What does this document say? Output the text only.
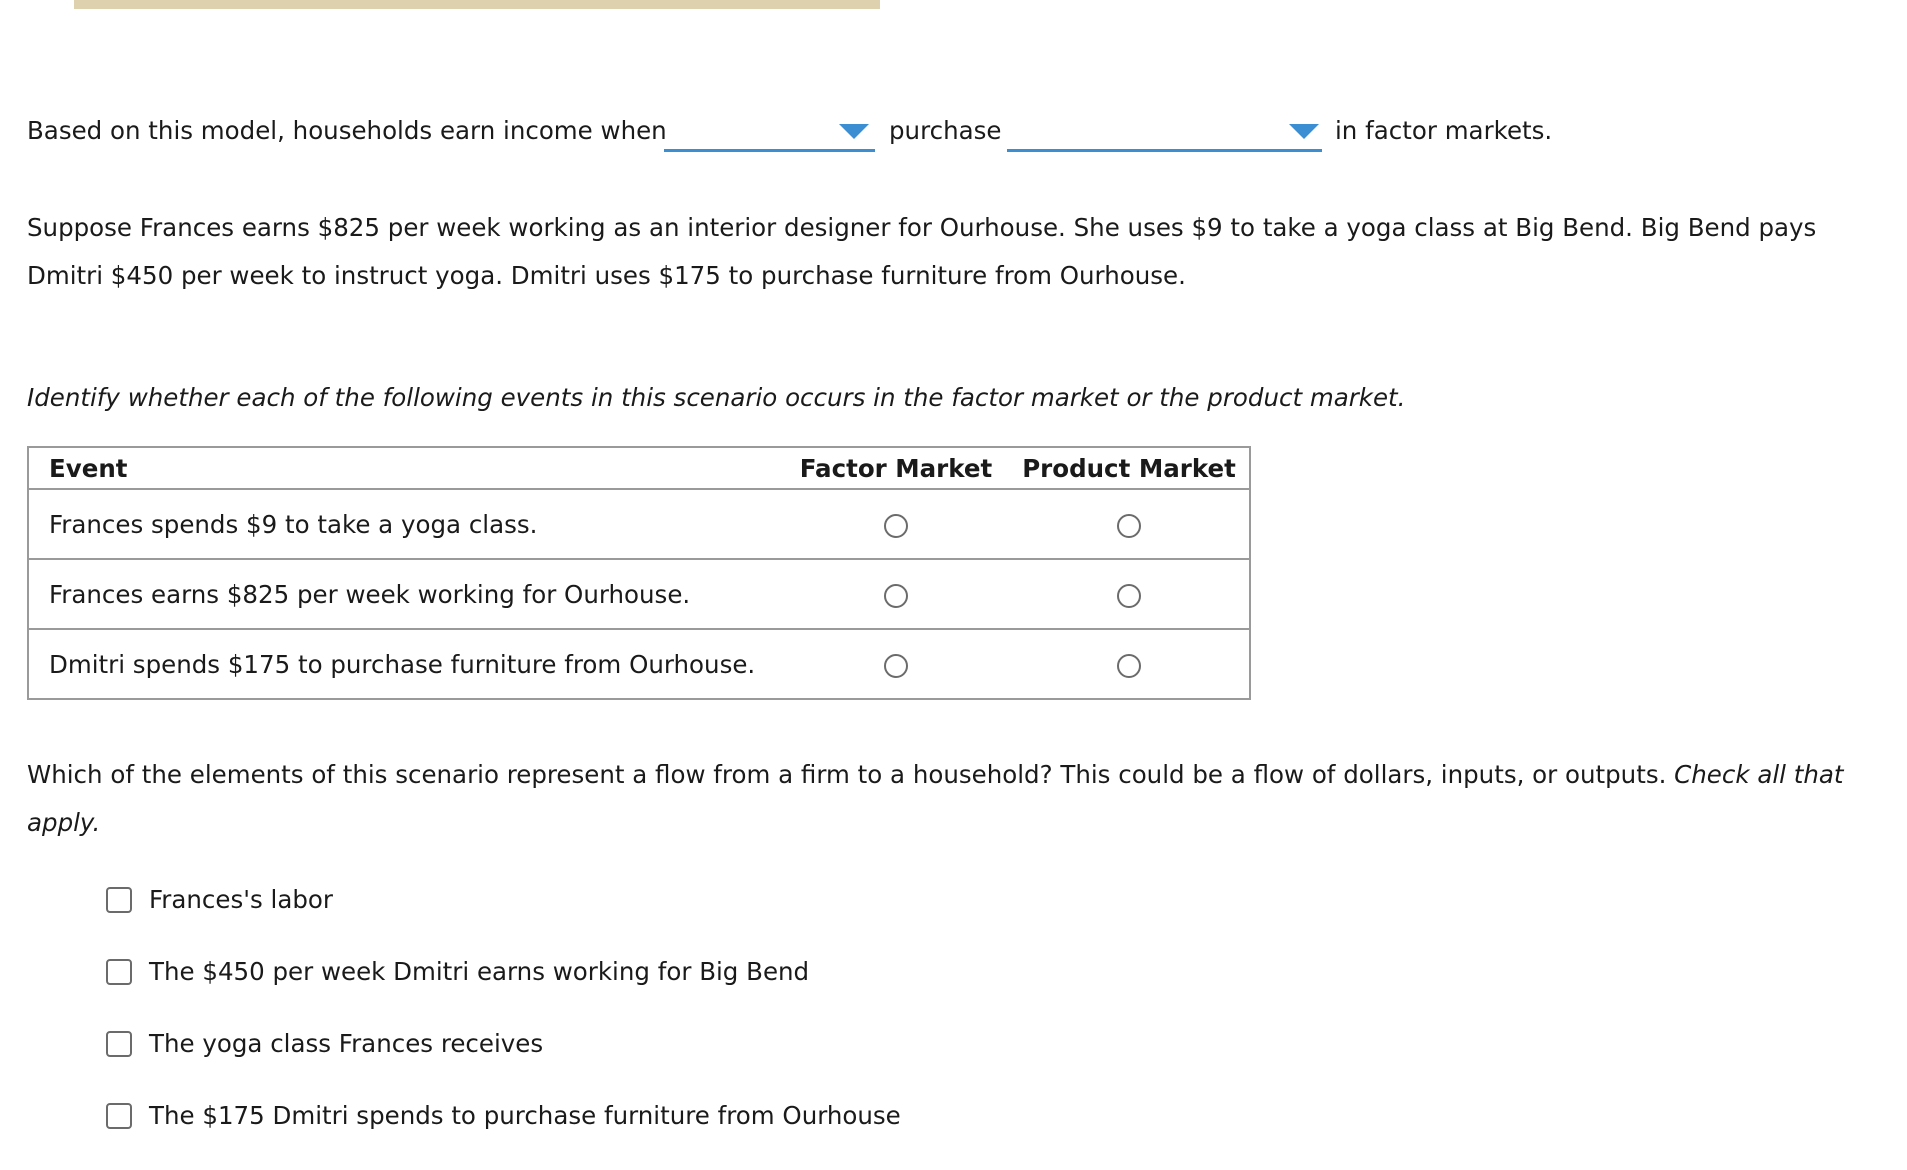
Based on this model, households earn income when	purchase	in factor markets.
Suppose Frances earns $825 per week working as an interior designer for Ourhouse. She uses $9 to take a yoga class at Big Bend. Big Bend pays Dmitri $450 per week to instruct yoga. Dmitri uses $175 to purchase furniture from Ourhouse.
Identify whether each of the following events in this scenario occurs in the factor market or the product market.
Event	Factor Market	Product Market
Frances spends $9 to take a yoga class.		
Frances earns $825 per week working for Ourhouse.		
Dmitri spends $175 to purchase furniture from Ourhouse.		
Which of the elements of this scenario represent a flow from a firm to a household? This could be a flow of dollars, inputs, or outputs. Check all that apply.
Frances's labor
The $450 per week Dmitri earns working for Big Bend
The yoga class Frances receives
The $175 Dmitri spends to purchase furniture from Ourhouse
